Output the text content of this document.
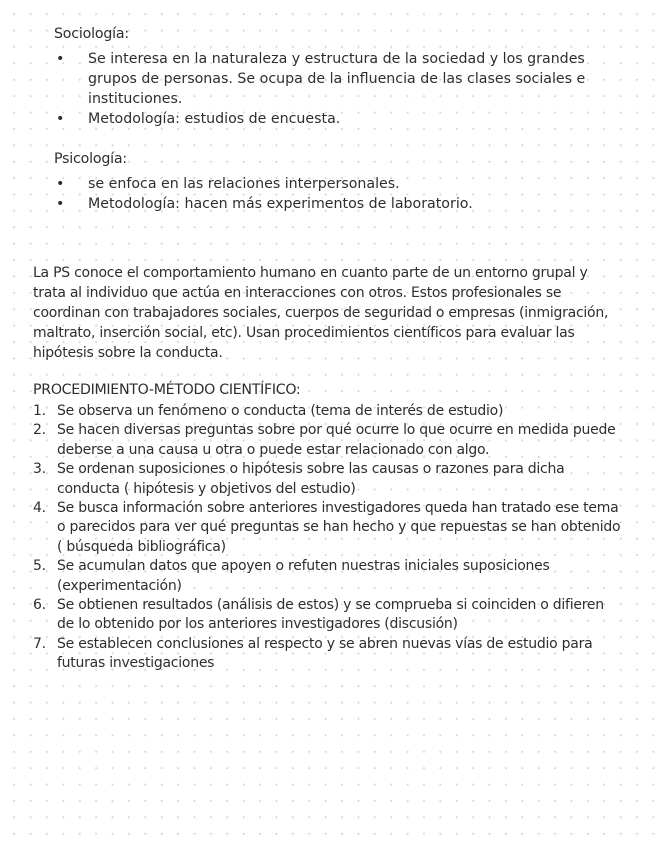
Sociología:
• Se interesa en la naturaleza y estructura de la sociedad y los grandes grupos de personas. Se ocupa de la influencia de las clases sociales e instituciones.
• Metodología: estudios de encuesta.
Psicología:
• se enfoca en las relaciones interpersonales.
• Metodología: hacen más experimentos de laboratorio.

La PS conoce el comportamiento humano en cuanto parte de un entorno grupal y trata al individuo que actúa en interacciones con otros. Estos profesionales se coordinan con trabajadores sociales, cuerpos de seguridad o empresas (inmigración, maltrato, inserción social, etc). Usan procedimientos científicos para evaluar las hipótesis sobre la conducta.

PROCEDIMIENTO-MÉTODO CIENTÍFICO:
1. Se observa un fenómeno o conducta (tema de interés de estudio)
2. Se hacen diversas preguntas sobre por qué ocurre lo que ocurre en medida puede deberse a una causa u otra o puede estar relacionado con algo.
3. Se ordenan suposiciones o hipótesis sobre las causas o razones para dicha conducta ( hipótesis y objetivos del estudio)
4. Se busca información sobre anteriores investigadores queda han tratado ese tema o parecidos para ver qué preguntas se han hecho y que repuestas se han obtenido ( búsqueda bibliográfica)
5. Se acumulan datos que apoyen o refuten nuestras iniciales suposiciones (experimentación)
6. Se obtienen resultados (análisis de estos) y se comprueba si coinciden o difieren de lo obtenido por los anteriores investigadores (discusión)
7. Se establecen conclusiones al respecto y se abren nuevas vías de estudio para futuras investigaciones
